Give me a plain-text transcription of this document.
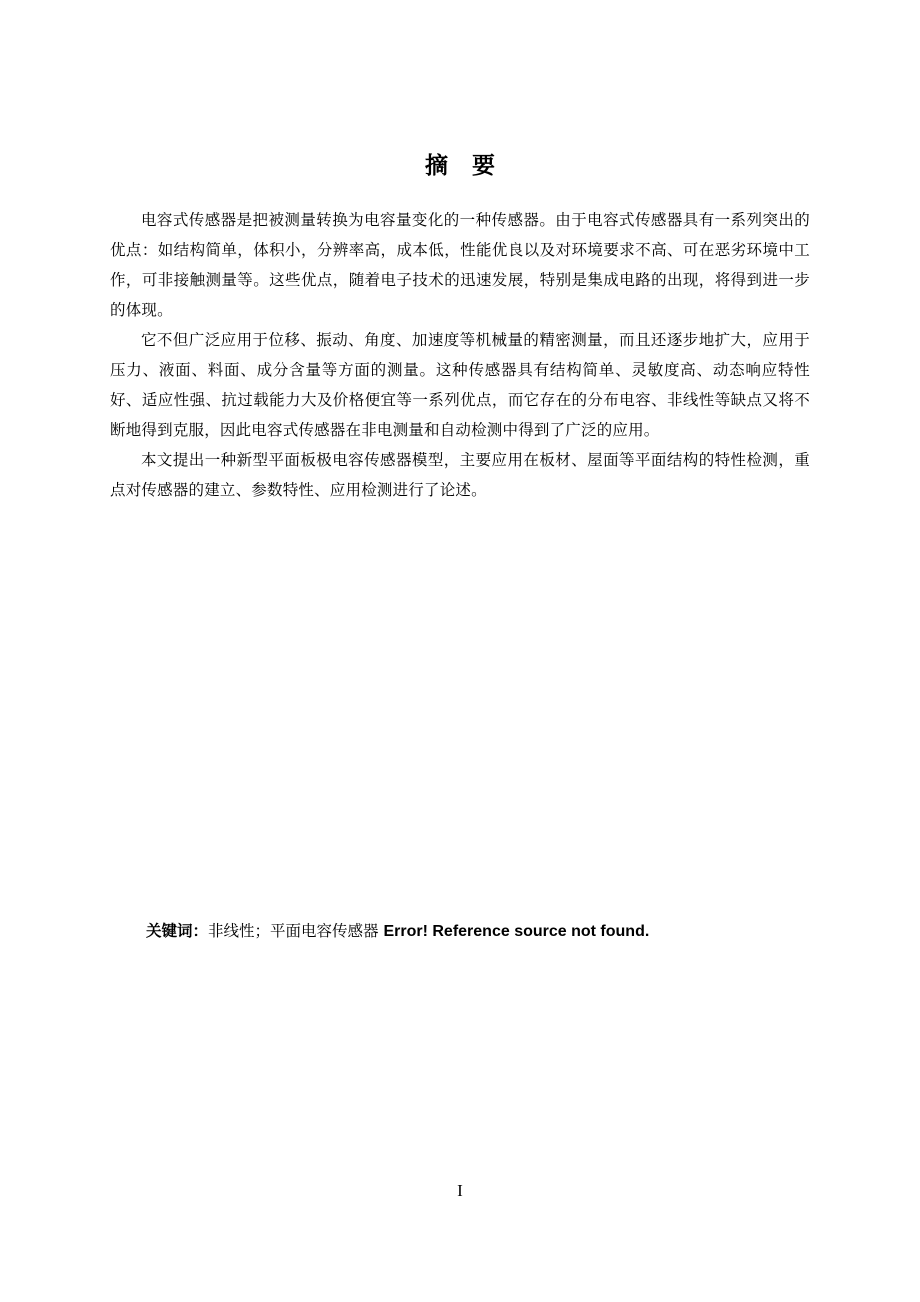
摘 要

电容式传感器是把被测量转换为电容量变化的一种传感器。由于电容式传感器具有一系列突出的优点：如结构简单，体积小，分辨率高，成本低，性能优良以及对环境要求不高、可在恶劣环境中工作，可非接触测量等。这些优点，随着电子技术的迅速发展，特别是集成电路的出现，将得到进一步的体现。

它不但广泛应用于位移、振动、角度、加速度等机械量的精密测量，而且还逐步地扩大，应用于压力、液面、料面、成分含量等方面的测量。这种传感器具有结构简单、灵敏度高、动态响应特性好、适应性强、抗过载能力大及价格便宜等一系列优点，而它存在的分布电容、非线性等缺点又将不断地得到克服，因此电容式传感器在非电测量和自动检测中得到了广泛的应用。

本文提出一种新型平面板极电容传感器模型，主要应用在板材、屋面等平面结构的特性检测，重点对传感器的建立、参数特性、应用检测进行了论述。

关键词：非线性；平面电容传感器 Error! Reference source not found.
I
